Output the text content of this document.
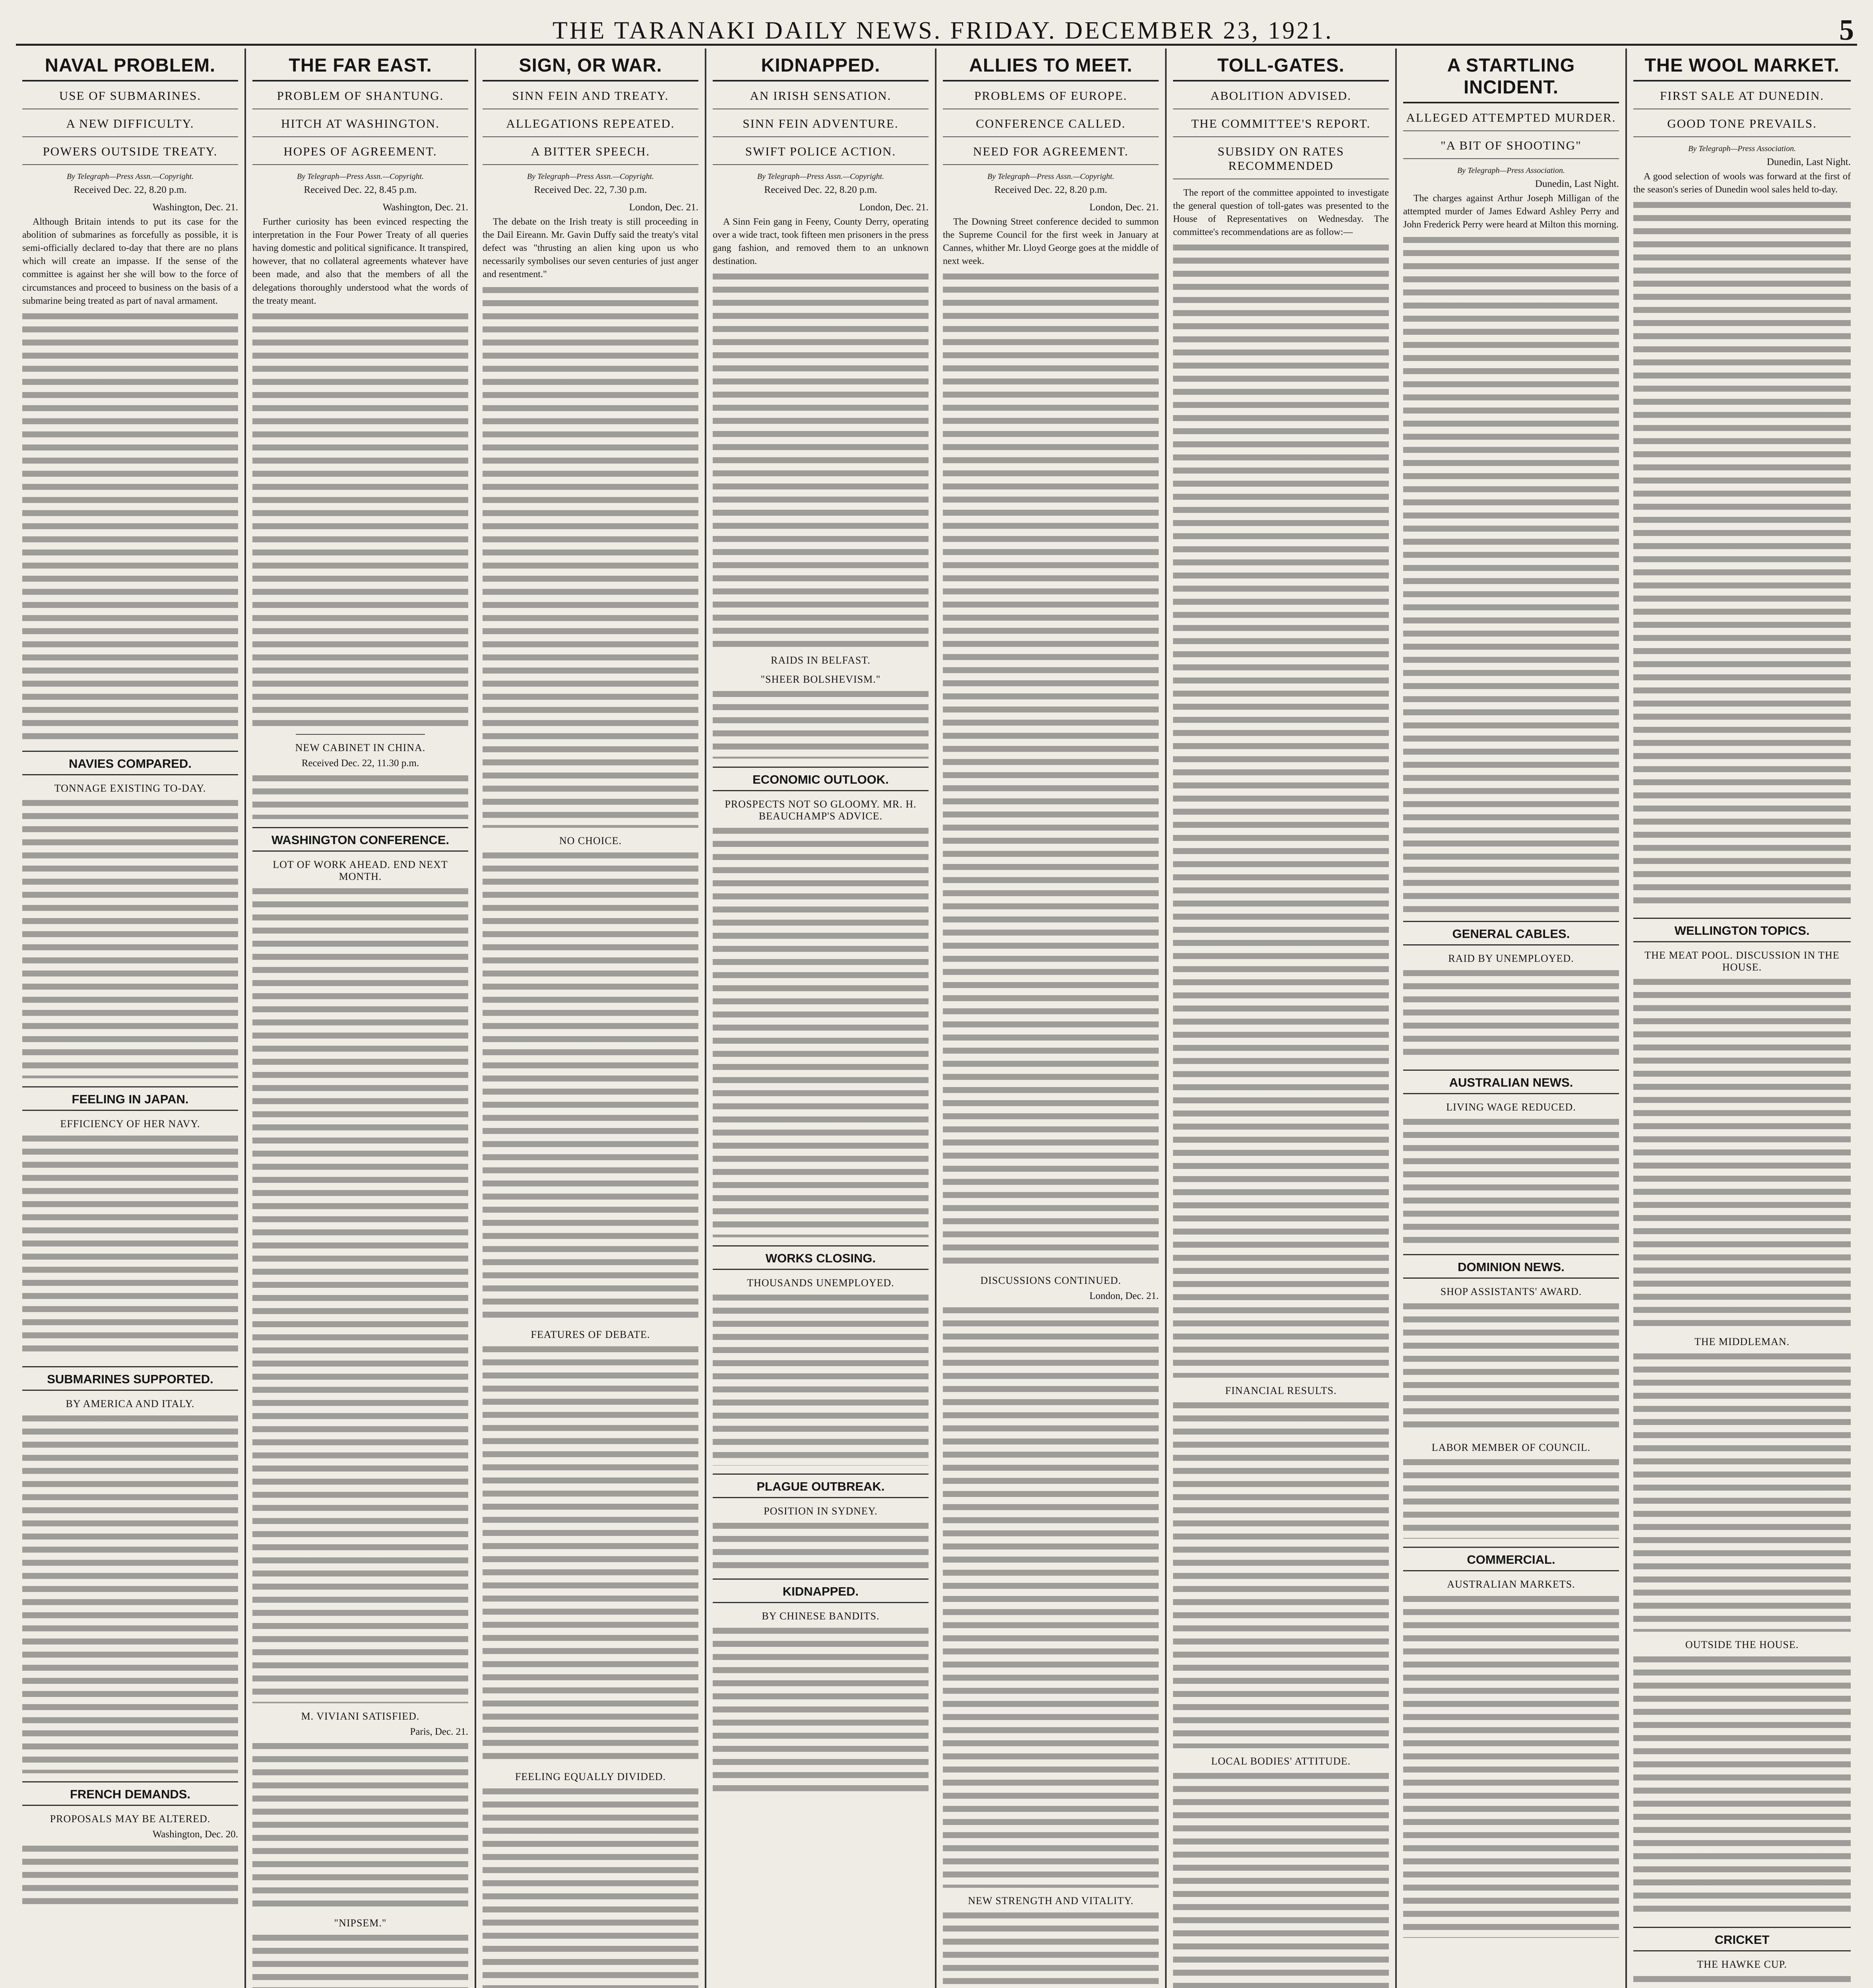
THE TARANAKI DAILY NEWS. FRIDAY. DECEMBER 23, 1921.	5
NAVAL PROBLEM.
USE OF SUBMARINES.
A NEW DIFFICULTY.
POWERS OUTSIDE TREATY.
By Telegraph—Press Assn.—Copyright.
Received Dec. 22, 8.20 p.m.
Washington, Dec. 21.

Although Britain intends to put its case for the abolition of submarines as forcefully as possible, it is semi-officially declared to-day that there are no plans which will create an impasse. If the sense of the committee is against her she will bow to the force of circumstances and proceed to business on the basis of a submarine being treated as part of naval armament.

NAVIES COMPARED.
TONNAGE EXISTING TO-DAY.
FEELING IN JAPAN.
EFFICIENCY OF HER NAVY.
SUBMARINES SUPPORTED.
BY AMERICA AND ITALY.
FRENCH DEMANDS.
PROPOSALS MAY BE ALTERED.
Washington, Dec. 20.
THE FAR EAST.
PROBLEM OF SHANTUNG.
HITCH AT WASHINGTON.
HOPES OF AGREEMENT.
By Telegraph—Press Assn.—Copyright.
Received Dec. 22, 8.45 p.m.
Washington, Dec. 21.

Further curiosity has been evinced respecting the interpretation in the Four Power Treaty of all queries having domestic and political significance. It transpired, however, that no collateral agreements whatever have been made, and also that the members of all the delegations thoroughly understood what the words of the treaty meant.

NEW CABINET IN CHINA.
Received Dec. 22, 11.30 p.m.
WASHINGTON CONFERENCE.
LOT OF WORK AHEAD. END NEXT MONTH.
M. VIVIANI SATISFIED.
Paris, Dec. 21.
"NIPSEM."
SIGN, OR WAR.
SINN FEIN AND TREATY.
ALLEGATIONS REPEATED.
A BITTER SPEECH.
By Telegraph—Press Assn.—Copyright.
Received Dec. 22, 7.30 p.m.
London, Dec. 21.

The debate on the Irish treaty is still proceeding in the Dail Eireann. Mr. Gavin Duffy said the treaty's vital defect was "thrusting an alien king upon us who necessarily symbolises our seven centuries of just anger and resentment."

NO CHOICE.
FEATURES OF DEBATE.
FEELING EQUALLY DIVIDED.
KIDNAPPED.
AN IRISH SENSATION.
SINN FEIN ADVENTURE.
SWIFT POLICE ACTION.
By Telegraph—Press Assn.—Copyright.
Received Dec. 22, 8.20 p.m.
London, Dec. 21.

A Sinn Fein gang in Feeny, County Derry, operating over a wide tract, took fifteen men prisoners in the press gang fashion, and removed them to an unknown destination.

RAIDS IN BELFAST.
"SHEER BOLSHEVISM."
ECONOMIC OUTLOOK.
PROSPECTS NOT SO GLOOMY. MR. H. BEAUCHAMP'S ADVICE.
WORKS CLOSING.
THOUSANDS UNEMPLOYED.
PLAGUE OUTBREAK.
POSITION IN SYDNEY.
KIDNAPPED.
BY CHINESE BANDITS.
ALLIES TO MEET.
PROBLEMS OF EUROPE.
CONFERENCE CALLED.
NEED FOR AGREEMENT.
By Telegraph—Press Assn.—Copyright.
Received Dec. 22, 8.20 p.m.
London, Dec. 21.

The Downing Street conference decided to summon the Supreme Council for the first week in January at Cannes, whither Mr. Lloyd George goes at the middle of next week.

DISCUSSIONS CONTINUED.
London, Dec. 21.
NEW STRENGTH AND VITALITY.
TOLL-GATES.
ABOLITION ADVISED.
THE COMMITTEE'S REPORT.
SUBSIDY ON RATES RECOMMENDED

The report of the committee appointed to investigate the general question of toll-gates was presented to the House of Representatives on Wednesday. The committee's recommendations are as follow:—

FINANCIAL RESULTS.
LOCAL BODIES' ATTITUDE.
A STARTLING INCIDENT.
ALLEGED ATTEMPTED MURDER.
"A BIT OF SHOOTING"
By Telegraph—Press Association.
Dunedin, Last Night.

The charges against Arthur Joseph Milligan of the attempted murder of James Edward Ashley Perry and John Frederick Perry were heard at Milton this morning.

GENERAL CABLES.
RAID BY UNEMPLOYED.
AUSTRALIAN NEWS.
LIVING WAGE REDUCED.
DOMINION NEWS.
SHOP ASSISTANTS' AWARD.
LABOR MEMBER OF COUNCIL.
COMMERCIAL.
AUSTRALIAN MARKETS.
THE WOOL MARKET.
FIRST SALE AT DUNEDIN.
GOOD TONE PREVAILS.
By Telegraph—Press Association.
Dunedin, Last Night.

A good selection of wools was forward at the first of the season's series of Dunedin wool sales held to-day.

WELLINGTON TOPICS.
THE MEAT POOL. DISCUSSION IN THE HOUSE.
THE MIDDLEMAN.
OUTSIDE THE HOUSE.
CRICKET
THE HAWKE CUP.
